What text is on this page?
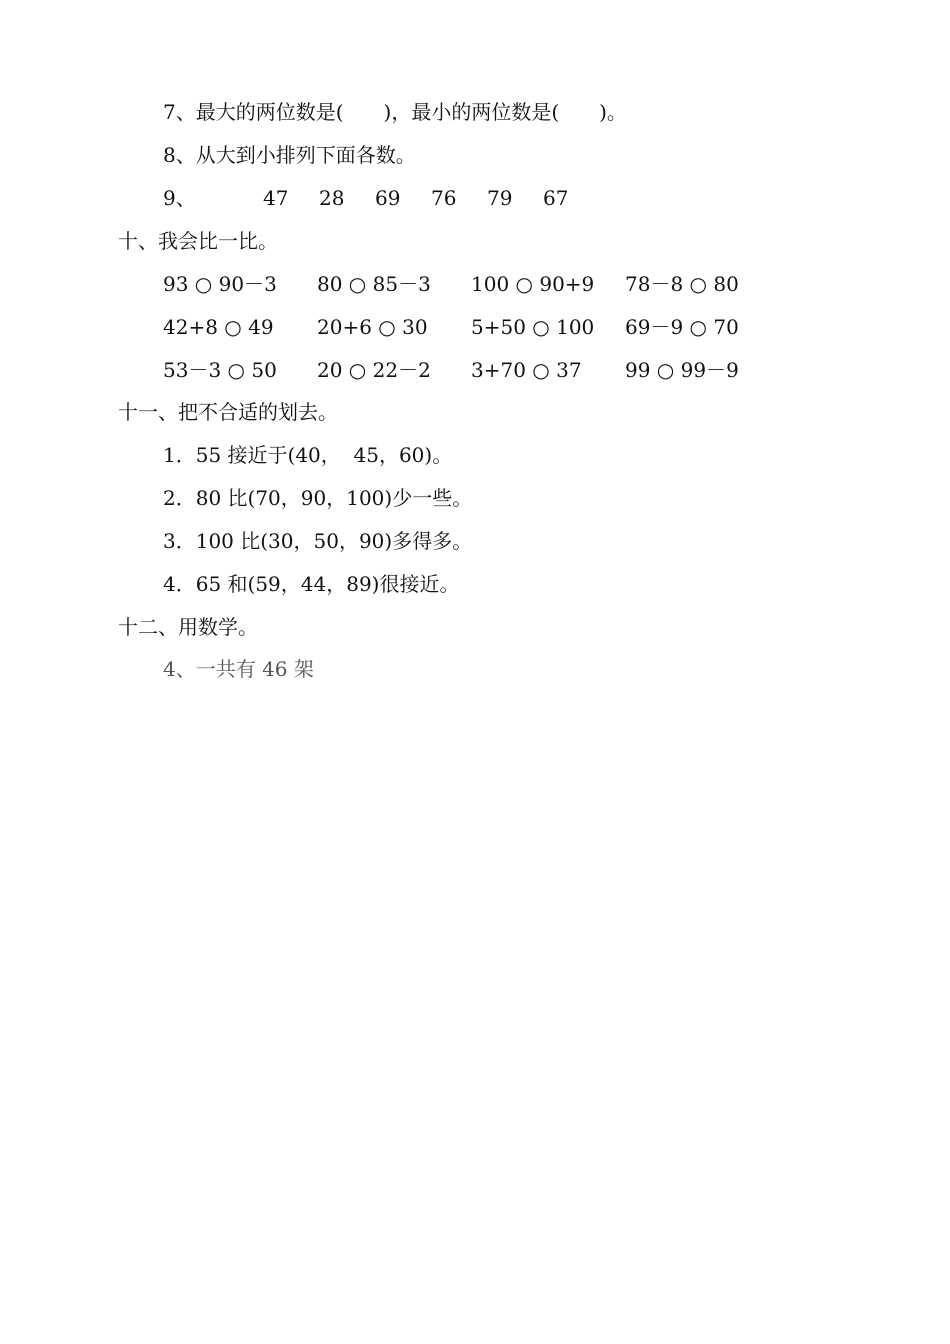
7、最大的两位数是(　　)，最小的两位数是(　　)。
8、从大到小排列下面各数。

9、

	47

28

69

76

79

67

十、我会比一比。
93 ○ 90－3 80 ○ 85－3 100 ○ 90+9 78－8 ○ 80
42+8 ○ 49 20+6 ○ 30 5+50 ○ 100 69－9 ○ 70
53－3 ○ 50 20 ○ 22－2 3+70 ○ 37 99 ○ 99－9
十一、把不合适的划去。
1．55 接近于(40，  45，60)。
2．80 比(70，90，100)少一些。
3．100 比(30，50，90)多得多。
4．65 和(59，44，89)很接近。
十二、用数学。
4、一共有 46 架
